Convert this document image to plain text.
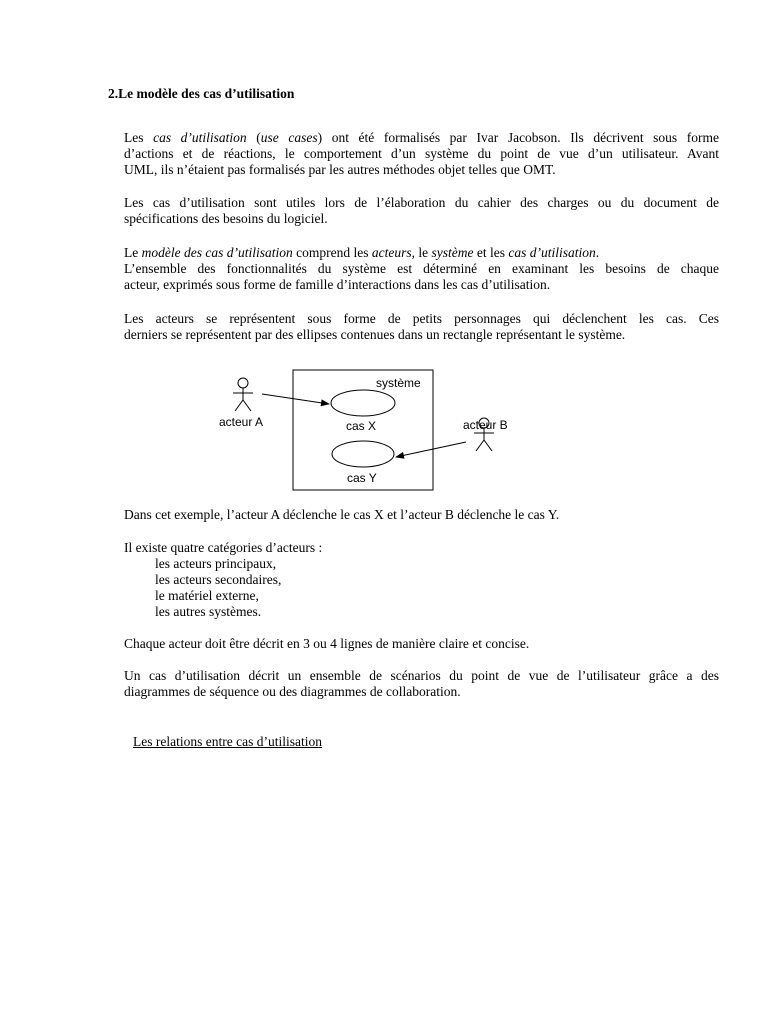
2.Le modèle des cas d’utilisation
Les cas d’utilisation (use cases) ont été formalisés par Ivar Jacobson. Ils décrivent sous forme
d’actions et de réactions, le comportement d’un système du point de vue d’un utilisateur. Avant
UML, ils n’étaient pas formalisés par les autres méthodes objet telles que OMT.
Les cas d’utilisation sont utiles lors de l’élaboration du cahier des charges ou du document de
spécifications des besoins du logiciel.
Le modèle des cas d’utilisation comprend les acteurs, le système et les cas d’utilisation.
L’ensemble des fonctionnalités du système est déterminé en examinant les besoins de chaque
acteur, exprimés sous forme de famille d’interactions dans les cas d’utilisation.
Les acteurs se représentent sous forme de petits personnages qui déclenchent les cas. Ces
derniers se représentent par des ellipses contenues dans un rectangle représentant le système.
système
acteur A	acteur B
cas X
cas Y
Dans cet exemple, l’acteur A déclenche le cas X et l’acteur B déclenche le cas Y.
Il existe quatre catégories d’acteurs :
les acteurs principaux,
les acteurs secondaires,
le matériel externe,
les autres systèmes.
Chaque acteur doit être décrit en 3 ou 4 lignes de manière claire et concise.
Un cas d’utilisation décrit un ensemble de scénarios du point de vue de l’utilisateur grâce a des
diagrammes de séquence ou des diagrammes de collaboration.
Les relations entre cas d’utilisation
